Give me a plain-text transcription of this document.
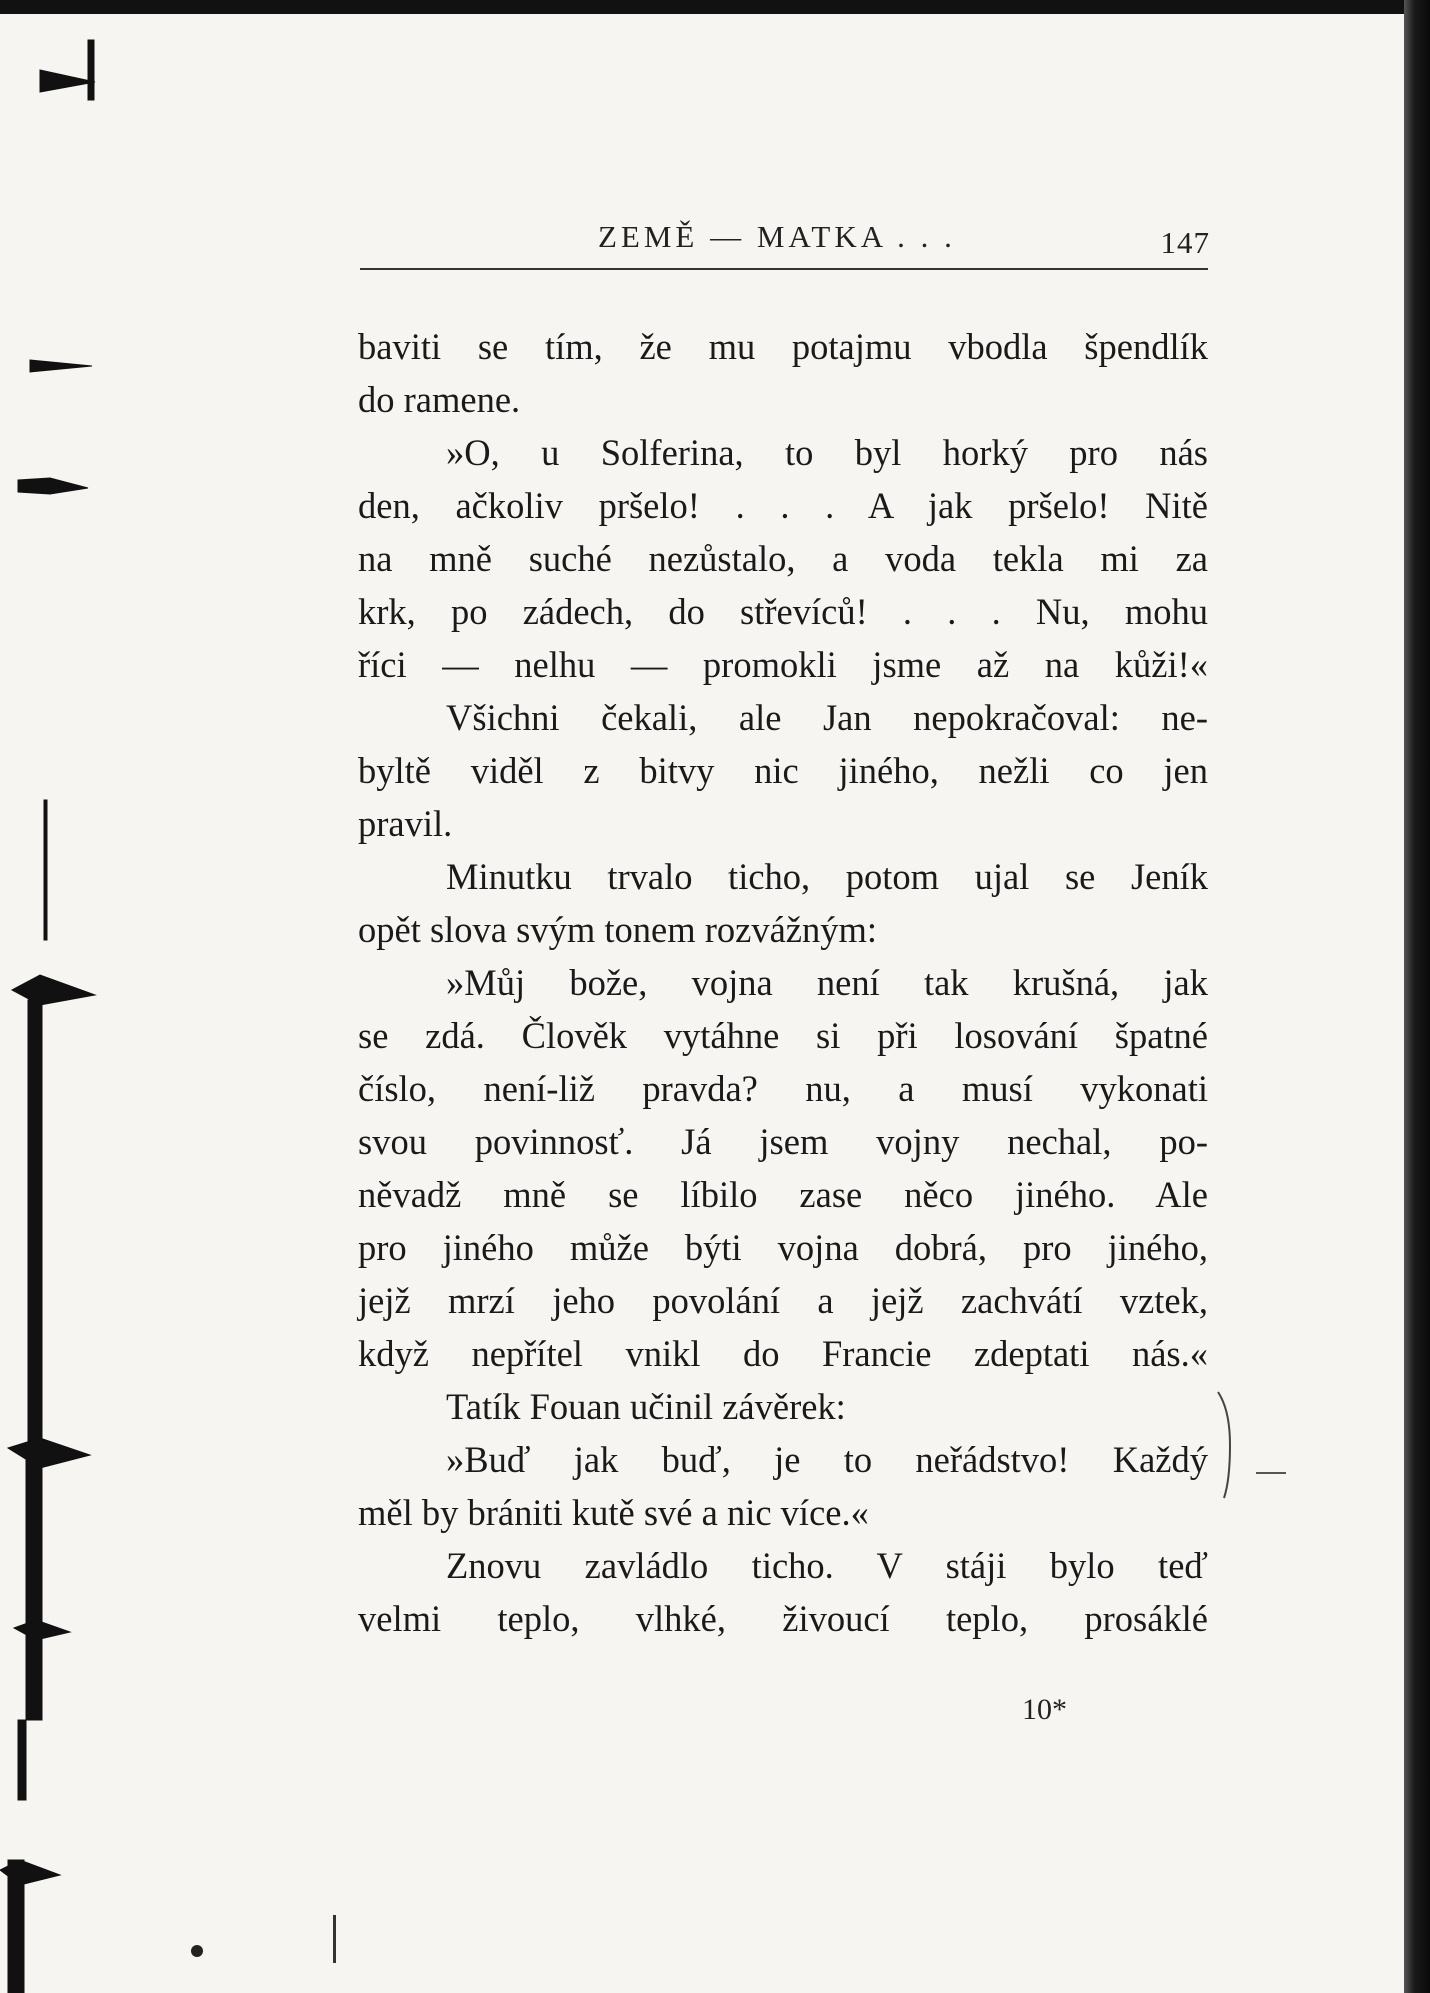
ZEMĚ — MATKA . . .	147
baviti se tím, že mu potajmu vbodla špendlík
do ramene.
»O, u Solferina, to byl horký pro nás
den, ačkoliv pršelo! . . . A jak pršelo! Nitě
na mně suché nezůstalo, a voda tekla mi za
krk, po zádech, do střevíců! . . . Nu, mohu
říci — nelhu — promokli jsme až na kůži!«
Všichni čekali, ale Jan nepokračoval: ne-
byltě viděl z bitvy nic jiného, nežli co jen
pravil.
Minutku trvalo ticho, potom ujal se Jeník
opět slova svým tonem rozvážným:
»Můj bože, vojna není tak krušná, jak
se zdá. Člověk vytáhne si při losování špatné
číslo, není-liž pravda? nu, a musí vykonati
svou povinnosť. Já jsem vojny nechal, po-
něvadž mně se líbilo zase něco jiného. Ale
pro jiného může býti vojna dobrá, pro jiného,
jejž mrzí jeho povolání a jejž zachvátí vztek,
když nepřítel vnikl do Francie zdeptati nás.«
Tatík Fouan učinil závěrek:
»Buď jak buď, je to neřádstvo! Každý
měl by brániti kutě své a nic více.«
Znovu zavládlo ticho. V stáji bylo teď
velmi teplo, vlhké, živoucí teplo, prosáklé
10*
